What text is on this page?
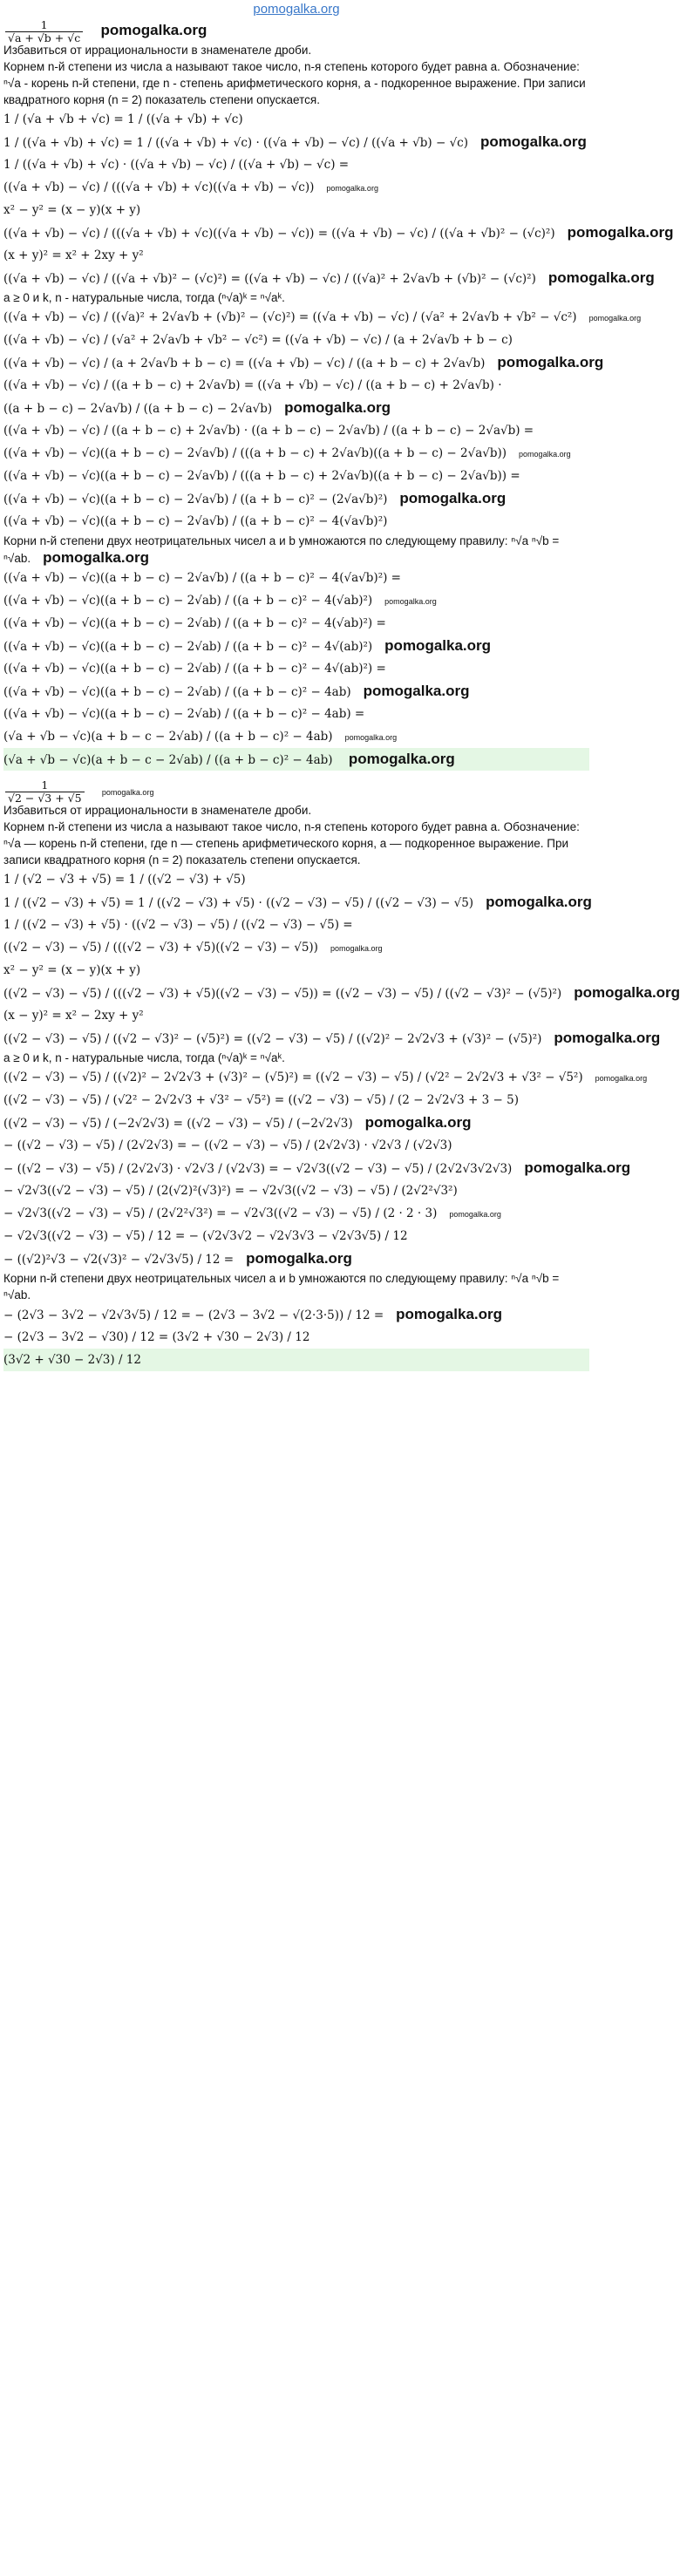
pomogalka.org
$\frac{1}{√a + √b + √c}$ pomogalka.org
Избавиться от иррациональности в знаменателе дроби.
Корнем n-й степени из числа a называют такое число, n-я степень которого будет равна a. Обозначение: ⁿ√a - корень n-й степени, где n - степень арифметического корня, a - подкоренное выражение. При записи квадратного корня (n = 2) показатель степени опускается.
1 / (√a + √b + √c) = 1 / ((√a + √b) + √c)
1 / ((√a + √b) + √c) = 1 / ((√a + √b) + √c) · ((√a + √b) − √c) / ((√a + √b) − √c) pomogalka.org
1 / ((√a + √b) + √c) · ((√a + √b) − √c) / ((√a + √b) − √c) =
((√a + √b) − √c) / (((√a + √b) + √c)((√a + √b) − √c)) pomogalka.org
x² − y² = (x − y)(x + y)
((√a + √b) − √c) / (((√a + √b) + √c)((√a + √b) − √c)) = ((√a + √b) − √c) / ((√a + √b)² − (√c)²) pomogalka.org
(x + y)² = x² + 2xy + y²
((√a + √b) − √c) / ((√a + √b)² − (√c)²) = ((√a + √b) − √c) / ((√a)² + 2√a√b + (√b)² − (√c)²) pomogalka.org
a ≥ 0 и k, n - натуральные числа, тогда (ⁿ√a)ᵏ = ⁿ√aᵏ.
((√a + √b) − √c) / ((√a)² + 2√a√b + (√b)² − (√c)²) = ((√a + √b) − √c) / (√a² + 2√a√b + √b² − √c²) pomogalka.org
((√a + √b) − √c) / (√a² + 2√a√b + √b² − √c²) = ((√a + √b) − √c) / (a + 2√a√b + b − c)
((√a + √b) − √c) / (a + 2√a√b + b − c) = ((√a + √b) − √c) / ((a + b − c) + 2√a√b) pomogalka.org
((√a + √b) − √c) / ((a + b − c) + 2√a√b) = ((√a + √b) − √c) / ((a + b − c) + 2√a√b) ·
((a + b − c) − 2√a√b) / ((a + b − c) − 2√a√b) pomogalka.org
((√a + √b) − √c) / ((a + b − c) + 2√a√b) · ((a + b − c) − 2√a√b) / ((a + b − c) − 2√a√b) =
((√a + √b) − √c)((a + b − c) − 2√a√b) / (((a + b − c) + 2√a√b)((a + b − c) − 2√a√b)) pomogalka.org
((√a + √b) − √c)((a + b − c) − 2√a√b) / (((a + b − c) + 2√a√b)((a + b − c) − 2√a√b)) =
((√a + √b) − √c)((a + b − c) − 2√a√b) / ((a + b − c)² − (2√a√b)²) pomogalka.org
((√a + √b) − √c)((a + b − c) − 2√a√b) / ((a + b − c)² − 4(√a√b)²)
Корни n-й степени двух неотрицательных чисел a и b умножаются по следующему правилу: ⁿ√a ⁿ√b = ⁿ√ab. pomogalka.org
((√a + √b) − √c)((a + b − c) − 2√a√b) / ((a + b − c)² − 4(√a√b)²) =
((√a + √b) − √c)((a + b − c) − 2√ab) / ((a + b − c)² − 4(√ab)²) pomogalka.org
((√a + √b) − √c)((a + b − c) − 2√ab) / ((a + b − c)² − 4(√ab)²) =
((√a + √b) − √c)((a + b − c) − 2√ab) / ((a + b − c)² − 4√(ab)²) pomogalka.org
((√a + √b) − √c)((a + b − c) − 2√ab) / ((a + b − c)² − 4√(ab)²) =
((√a + √b) − √c)((a + b − c) − 2√ab) / ((a + b − c)² − 4ab) pomogalka.org
((√a + √b) − √c)((a + b − c) − 2√ab) / ((a + b − c)² − 4ab) =
(√a + √b − √c)(a + b − c − 2√ab) / ((a + b − c)² − 4ab) pomogalka.org
(√a + √b − √c)(a + b − c − 2√ab) / ((a + b − c)² − 4ab) pomogalka.org
$\frac{1}{√2 - √3 + √5}$ pomogalka.org
Избавиться от иррациональности в знаменателе дроби.
Корнем n-й степени из числа a называют такое число, n-я степень которого будет равна a. Обозначение: ⁿ√a — корень n-й степени, где n — степень арифметического корня, a — подкоренное выражение. При записи квадратного корня (n = 2) показатель степени опускается.
1 / (√2 − √3 + √5) = 1 / ((√2 − √3) + √5)
1 / ((√2 − √3) + √5) = 1 / ((√2 − √3) + √5) · ((√2 − √3) − √5) / ((√2 − √3) − √5) pomogalka.org
1 / ((√2 − √3) + √5) · ((√2 − √3) − √5) / ((√2 − √3) − √5) =
((√2 − √3) − √5) / (((√2 − √3) + √5)((√2 − √3) − √5)) pomogalka.org
x² − y² = (x − y)(x + y)
((√2 − √3) − √5) / (((√2 − √3) + √5)((√2 − √3) − √5)) = ((√2 − √3) − √5) / ((√2 − √3)² − (√5)²) pomogalka.org
(x − y)² = x² − 2xy + y²
((√2 − √3) − √5) / ((√2 − √3)² − (√5)²) = ((√2 − √3) − √5) / ((√2)² − 2√2√3 + (√3)² − (√5)²) pomogalka.org
a ≥ 0 и k, n - натуральные числа, тогда (ⁿ√a)ᵏ = ⁿ√aᵏ.
((√2 − √3) − √5) / ((√2)² − 2√2√3 + (√3)² − (√5)²) = ((√2 − √3) − √5) / (√2² − 2√2√3 + √3² − √5²) pomogalka.org
((√2 − √3) − √5) / (√2² − 2√2√3 + √3² − √5²) = ((√2 − √3) − √5) / (2 − 2√2√3 + 3 − 5)
((√2 − √3) − √5) / (−2√2√3) = ((√2 − √3) − √5) / (−2√2√3) pomogalka.org
− ((√2 − √3) − √5) / (2√2√3) = − ((√2 − √3) − √5) / (2√2√3) · √2√3 / (√2√3)
− ((√2 − √3) − √5) / (2√2√3) · √2√3 / (√2√3) = − √2√3((√2 − √3) − √5) / (2√2√3√2√3) pomogalka.org
− √2√3((√2 − √3) − √5) / (2(√2)²(√3)²) = − √2√3((√2 − √3) − √5) / (2√2²√3²)
− √2√3((√2 − √3) − √5) / (2√2²√3²) = − √2√3((√2 − √3) − √5) / (2 · 2 · 3) pomogalka.org
− √2√3((√2 − √3) − √5) / 12 = − (√2√3√2 − √2√3√3 − √2√3√5) / 12
− ((√2)²√3 − √2(√3)² − √2√3√5) / 12 = pomogalka.org
Корни n-й степени двух неотрицательных чисел a и b умножаются по следующему правилу: ⁿ√a ⁿ√b = ⁿ√ab.
− (2√3 − 3√2 − √2√3√5) / 12 = − (2√3 − 3√2 − √(2·3·5)) / 12 = pomogalka.org
− (2√3 − 3√2 − √30) / 12 = (3√2 + √30 − 2√3) / 12
(3√2 + √30 − 2√3) / 12
